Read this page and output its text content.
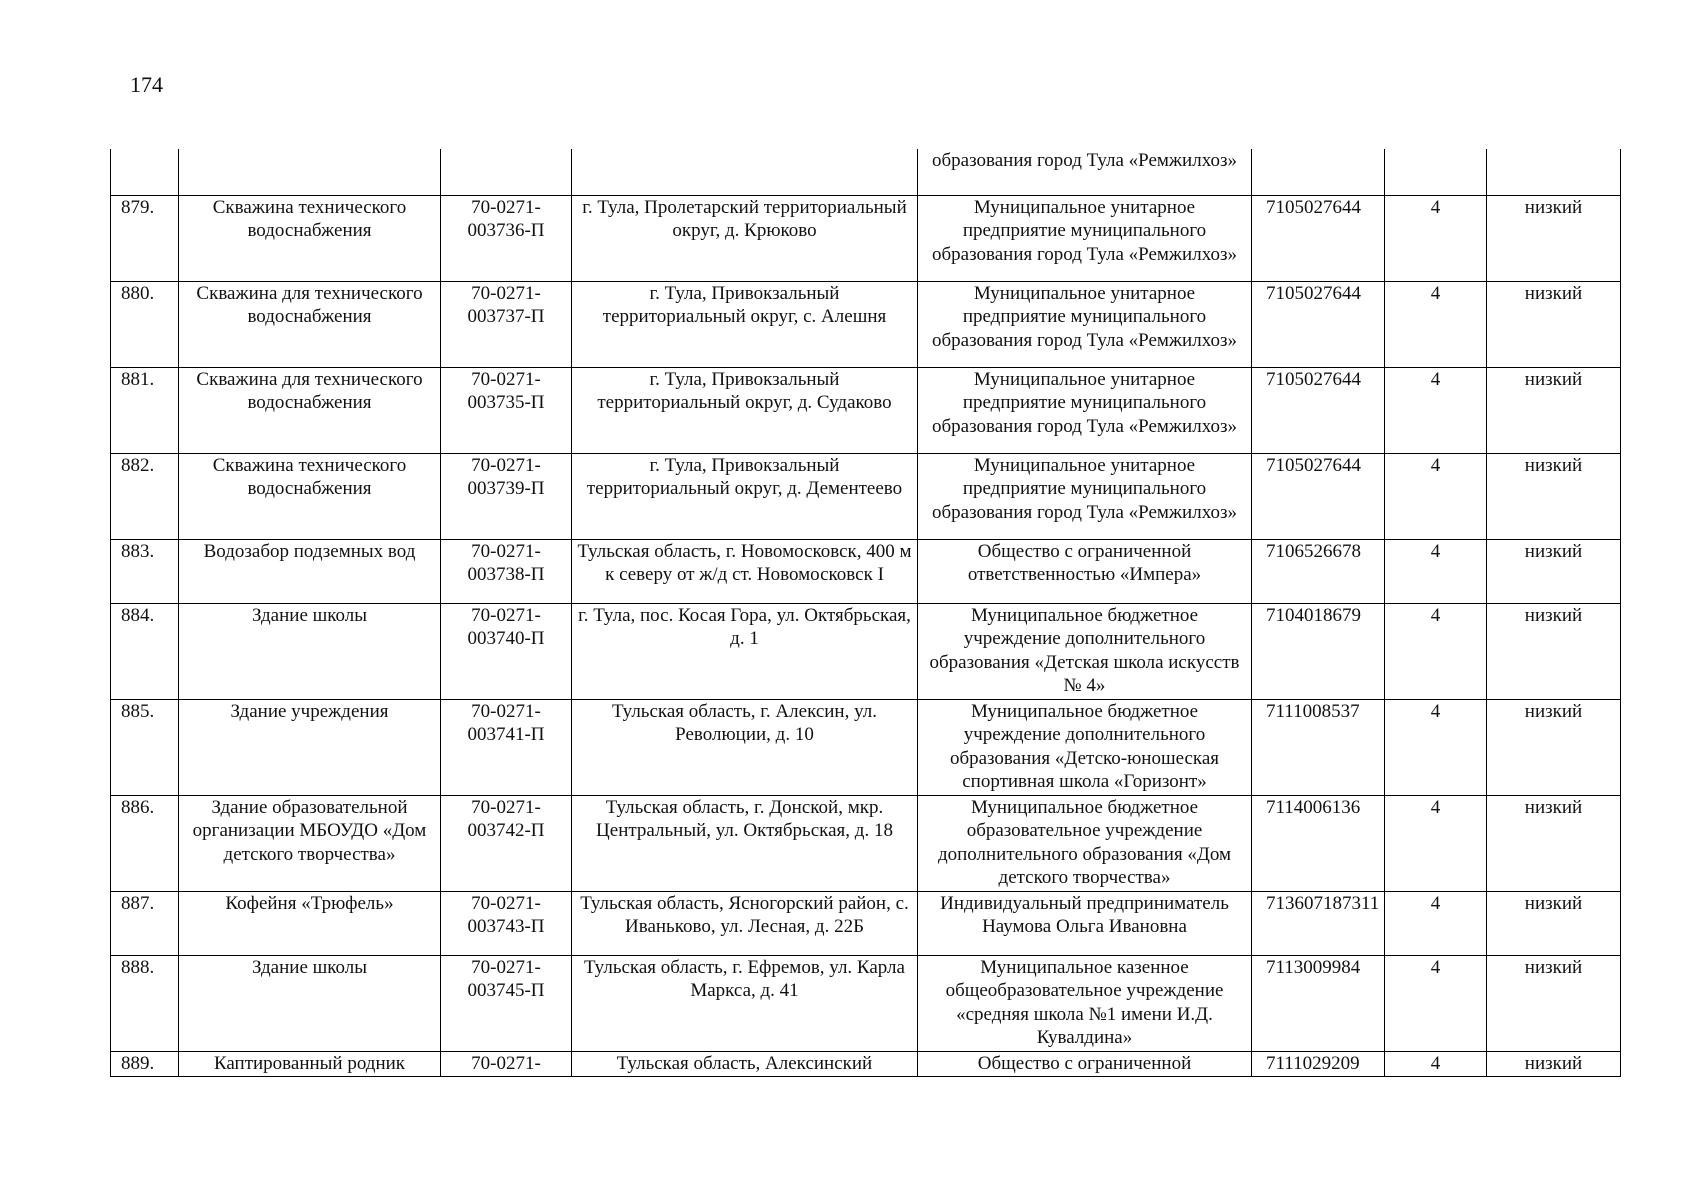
174
				образования город Тула «Ремжилхоз»			
879.	Скважина технического водоснабжения	70-0271-003736-П	г. Тула, Пролетарский территориальный округ, д. Крюково	Муниципальное унитарное предприятие муниципального образования город Тула «Ремжилхоз»	7105027644	4	низкий
880.	Скважина для технического водоснабжения	70-0271-003737-П	г. Тула, Привокзальный территориальный округ, с. Алешня	Муниципальное унитарное предприятие муниципального образования город Тула «Ремжилхоз»	7105027644	4	низкий
881.	Скважина для технического водоснабжения	70-0271-003735-П	г. Тула, Привокзальный территориальный округ, д. Судаково	Муниципальное унитарное предприятие муниципального образования город Тула «Ремжилхоз»	7105027644	4	низкий
882.	Скважина технического водоснабжения	70-0271-003739-П	г. Тула, Привокзальный территориальный округ, д. Дементеево	Муниципальное унитарное предприятие муниципального образования город Тула «Ремжилхоз»	7105027644	4	низкий
883.	Водозабор подземных вод	70-0271-003738-П	Тульская область, г. Новомосковск, 400 м к северу от ж/д ст. Новомосковск I	Общество с ограниченной ответственностью «Импера»	7106526678	4	низкий
884.	Здание школы	70-0271-003740-П	г. Тула, пос. Косая Гора, ул. Октябрьская, д. 1	Муниципальное бюджетное учреждение дополнительного образования «Детская школа искусств № 4»	7104018679	4	низкий
885.	Здание учреждения	70-0271-003741-П	Тульская область, г. Алексин, ул. Революции, д. 10	Муниципальное бюджетное учреждение дополнительного образования «Детско-юношеская спортивная школа «Горизонт»	7111008537	4	низкий
886.	Здание образовательной организации МБОУДО «Дом детского творчества»	70-0271-003742-П	Тульская область, г. Донской, мкр. Центральный, ул. Октябрьская, д. 18	Муниципальное бюджетное образовательное учреждение дополнительного образования «Дом детского творчества»	7114006136	4	низкий
887.	Кофейня «Трюфель»	70-0271-003743-П	Тульская область, Ясногорский район, с. Иваньково, ул. Лесная, д. 22Б	Индивидуальный предприниматель Наумова Ольга Ивановна	713607187311	4	низкий
888.	Здание школы	70-0271-003745-П	Тульская область, г. Ефремов, ул. Карла Маркса, д. 41	Муниципальное казенное общеобразовательное учреждение «средняя школа №1 имени И.Д. Кувалдина»	7113009984	4	низкий
889.	Каптированный родник	70-0271-	Тульская область, Алексинский	Общество с ограниченной	7111029209	4	низкий
